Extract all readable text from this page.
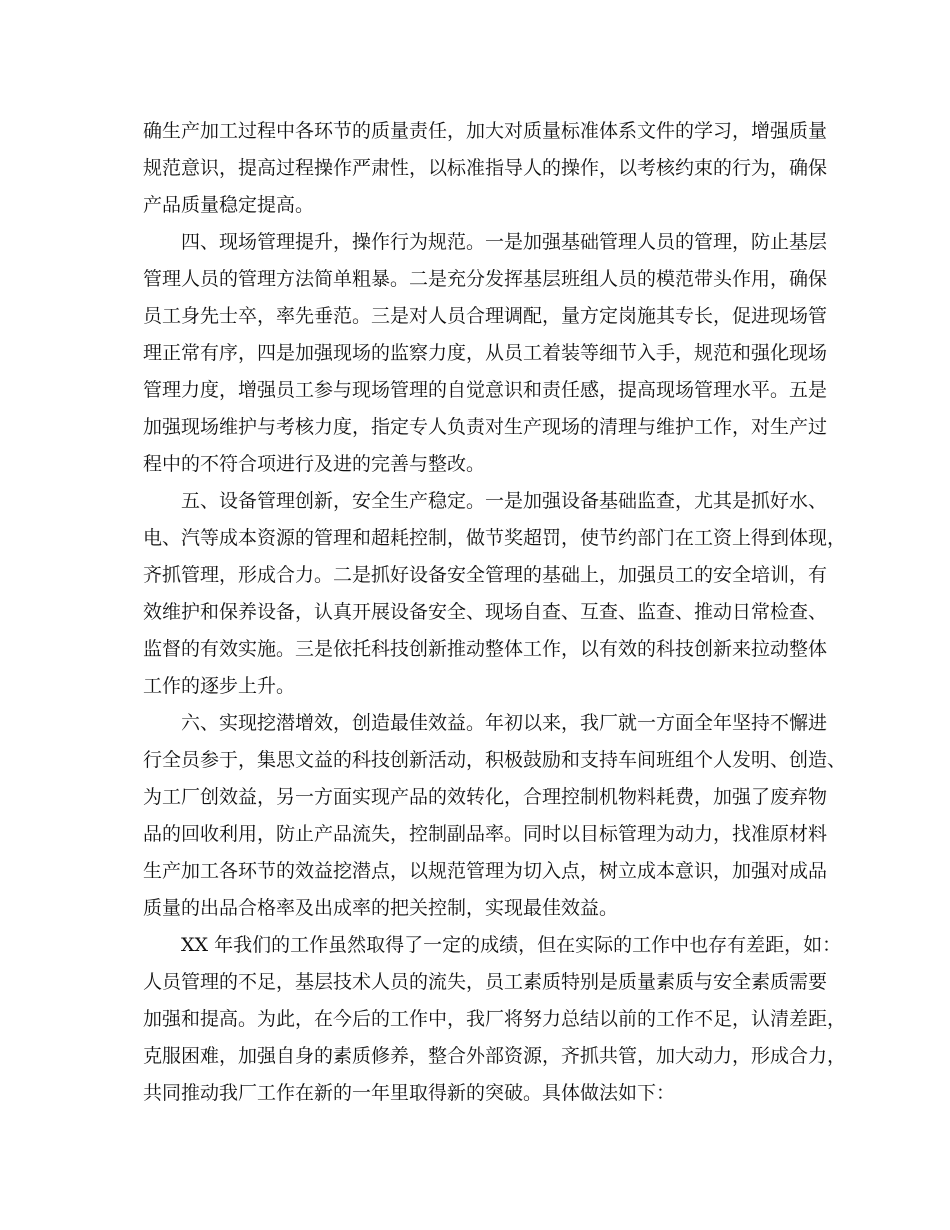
确生产加工过程中各环节的质量责任，加大对质量标准体系文件的学习，增强质量
规范意识，提高过程操作严肃性，以标准指导人的操作，以考核约束的行为，确保
产品质量稳定提高。
四、现场管理提升，操作行为规范。一是加强基础管理人员的管理，防止基层
管理人员的管理方法简单粗暴。二是充分发挥基层班组人员的模范带头作用，确保
员工身先士卒，率先垂范。三是对人员合理调配，量方定岗施其专长，促进现场管
理正常有序，四是加强现场的监察力度，从员工着装等细节入手，规范和强化现场
管理力度，增强员工参与现场管理的自觉意识和责任感，提高现场管理水平。五是
加强现场维护与考核力度，指定专人负责对生产现场的清理与维护工作，对生产过
程中的不符合项进行及进的完善与整改。
五、设备管理创新，安全生产稳定。一是加强设备基础监查，尤其是抓好水、
电、汽等成本资源的管理和超耗控制，做节奖超罚，使节约部门在工资上得到体现，
齐抓管理，形成合力。二是抓好设备安全管理的基础上，加强员工的安全培训，有
效维护和保养设备，认真开展设备安全、现场自查、互查、监查、推动日常检查、
监督的有效实施。三是依托科技创新推动整体工作，以有效的科技创新来拉动整体
工作的逐步上升。
六、实现挖潜增效，创造最佳效益。年初以来，我厂就一方面全年坚持不懈进
行全员参于，集思文益的科技创新活动，积极鼓励和支持车间班组个人发明、创造、
为工厂创效益，另一方面实现产品的效转化，合理控制机物料耗费，加强了废弃物
品的回收利用，防止产品流失，控制副品率。同时以目标管理为动力，找准原材料
生产加工各环节的效益挖潜点，以规范管理为切入点，树立成本意识，加强对成品
质量的出品合格率及出成率的把关控制，实现最佳效益。
XX 年我们的工作虽然取得了一定的成绩，但在实际的工作中也存有差距，如：
人员管理的不足，基层技术人员的流失，员工素质特别是质量素质与安全素质需要
加强和提高。为此，在今后的工作中，我厂将努力总结以前的工作不足，认清差距，
克服困难，加强自身的素质修养，整合外部资源，齐抓共管，加大动力，形成合力，
共同推动我厂工作在新的一年里取得新的突破。具体做法如下：
